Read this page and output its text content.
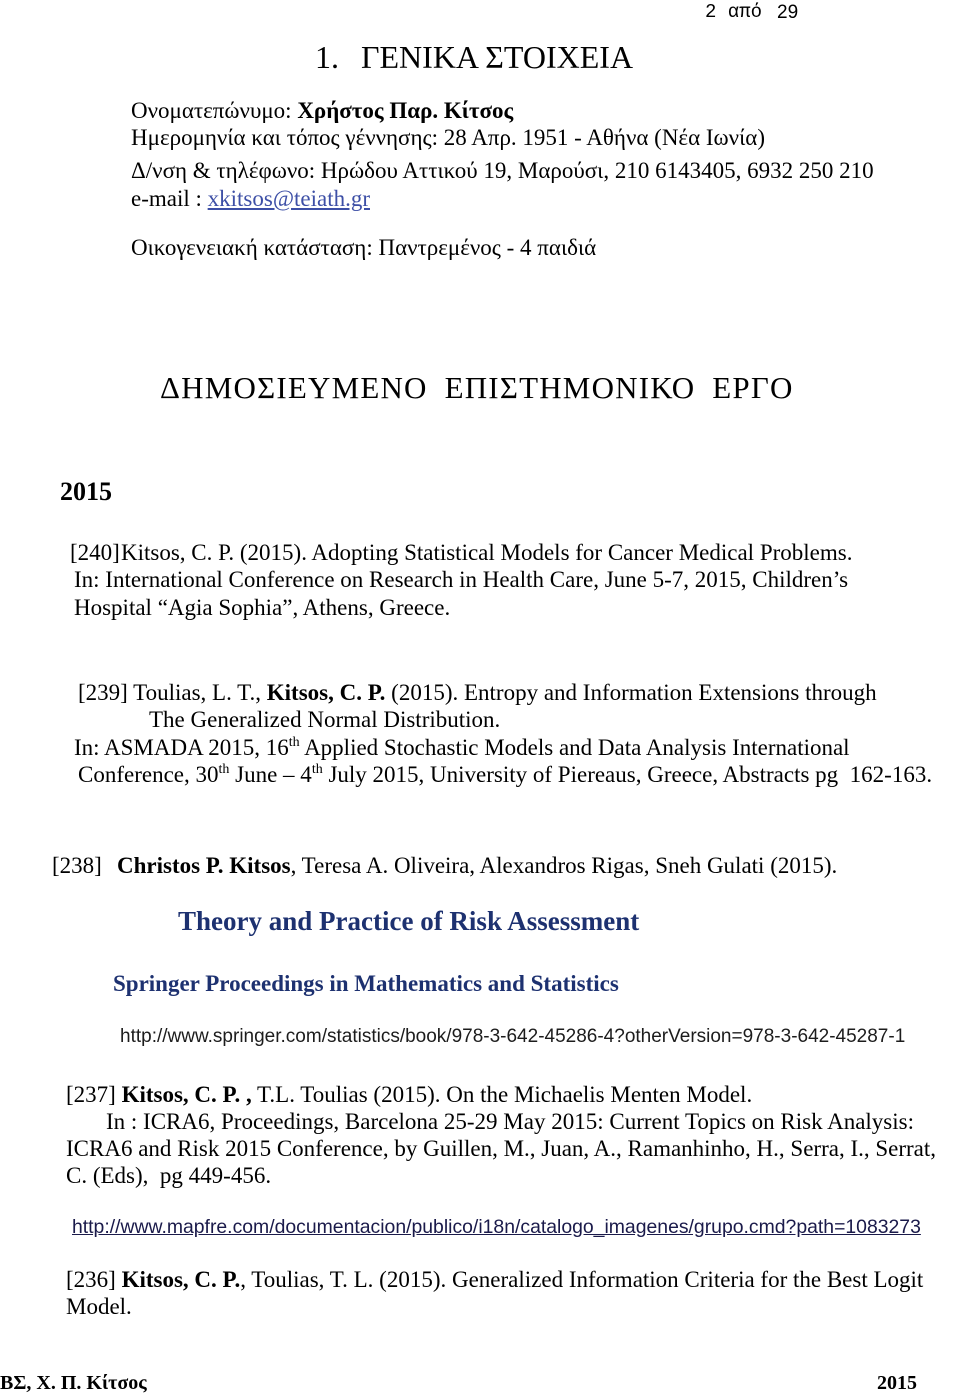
2 από 29
1. ΓΕΝΙΚΑ ΣΤΟΙΧΕΙΑ
Ονοματεπώνυμο: Χρήστος Παρ. Κίτσος
Ημερομηνία και τόπος γέννησης: 28 Απρ. 1951 - Αθήνα (Νέα Ιωνία)
Δ/νση & τηλέφωνο: Ηρώδου Αττικού 19, Μαρούσι, 210 6143405, 6932 250 210
e-mail : xkitsos@teiath.gr
Οικογενειακή κατάσταση: Παντρεμένος - 4 παιδιά
ΔΗΜΟΣΙΕΥΜΕΝΟ ΕΠΙΣΤΗΜΟΝΙΚΟ ΕΡΓΟ
2015
[240] Kitsos, C. P. (2015). Adopting Statistical Models for Cancer Medical Problems.
In: International Conference on Research in Health Care, June 5-7, 2015, Children’s
Hospital “Agia Sophia”, Athens, Greece.
[239] Toulias, L. T., Kitsos, C. P. (2015). Entropy and Information Extensions through
The Generalized Normal Distribution.
In: ASMADA 2015, 16th Applied Stochastic Models and Data Analysis International
Conference, 30th June – 4th July 2015, University of Piereaus, Greece, Abstracts pg  162-163.
[238] Christos P. Kitsos, Teresa A. Oliveira, Alexandros Rigas, Sneh Gulati (2015).
Theory and Practice of Risk Assessment
Springer Proceedings in Mathematics and Statistics
http://www.springer.com/statistics/book/978-3-642-45286-4?otherVersion=978-3-642-45287-1
[237] Kitsos, C. P. , T.L. Toulias (2015). On the Michaelis Menten Model.
In : ICRA6, Proceedings, Barcelona 25-29 May 2015: Current Topics on Risk Analysis:
ICRA6 and Risk 2015 Conference, by Guillen, M., Juan, A., Ramanhinho, H., Serra, I., Serrat,
C. (Eds),  pg 449-456.
http://www.mapfre.com/documentacion/publico/i18n/catalogo_imagenes/grupo.cmd?path=1083273
[236] Kitsos, C. P., Toulias, T. L. (2015). Generalized Information Criteria for the Best Logit
Model.
ΒΣ, Χ. Π. Κίτσος	2015
